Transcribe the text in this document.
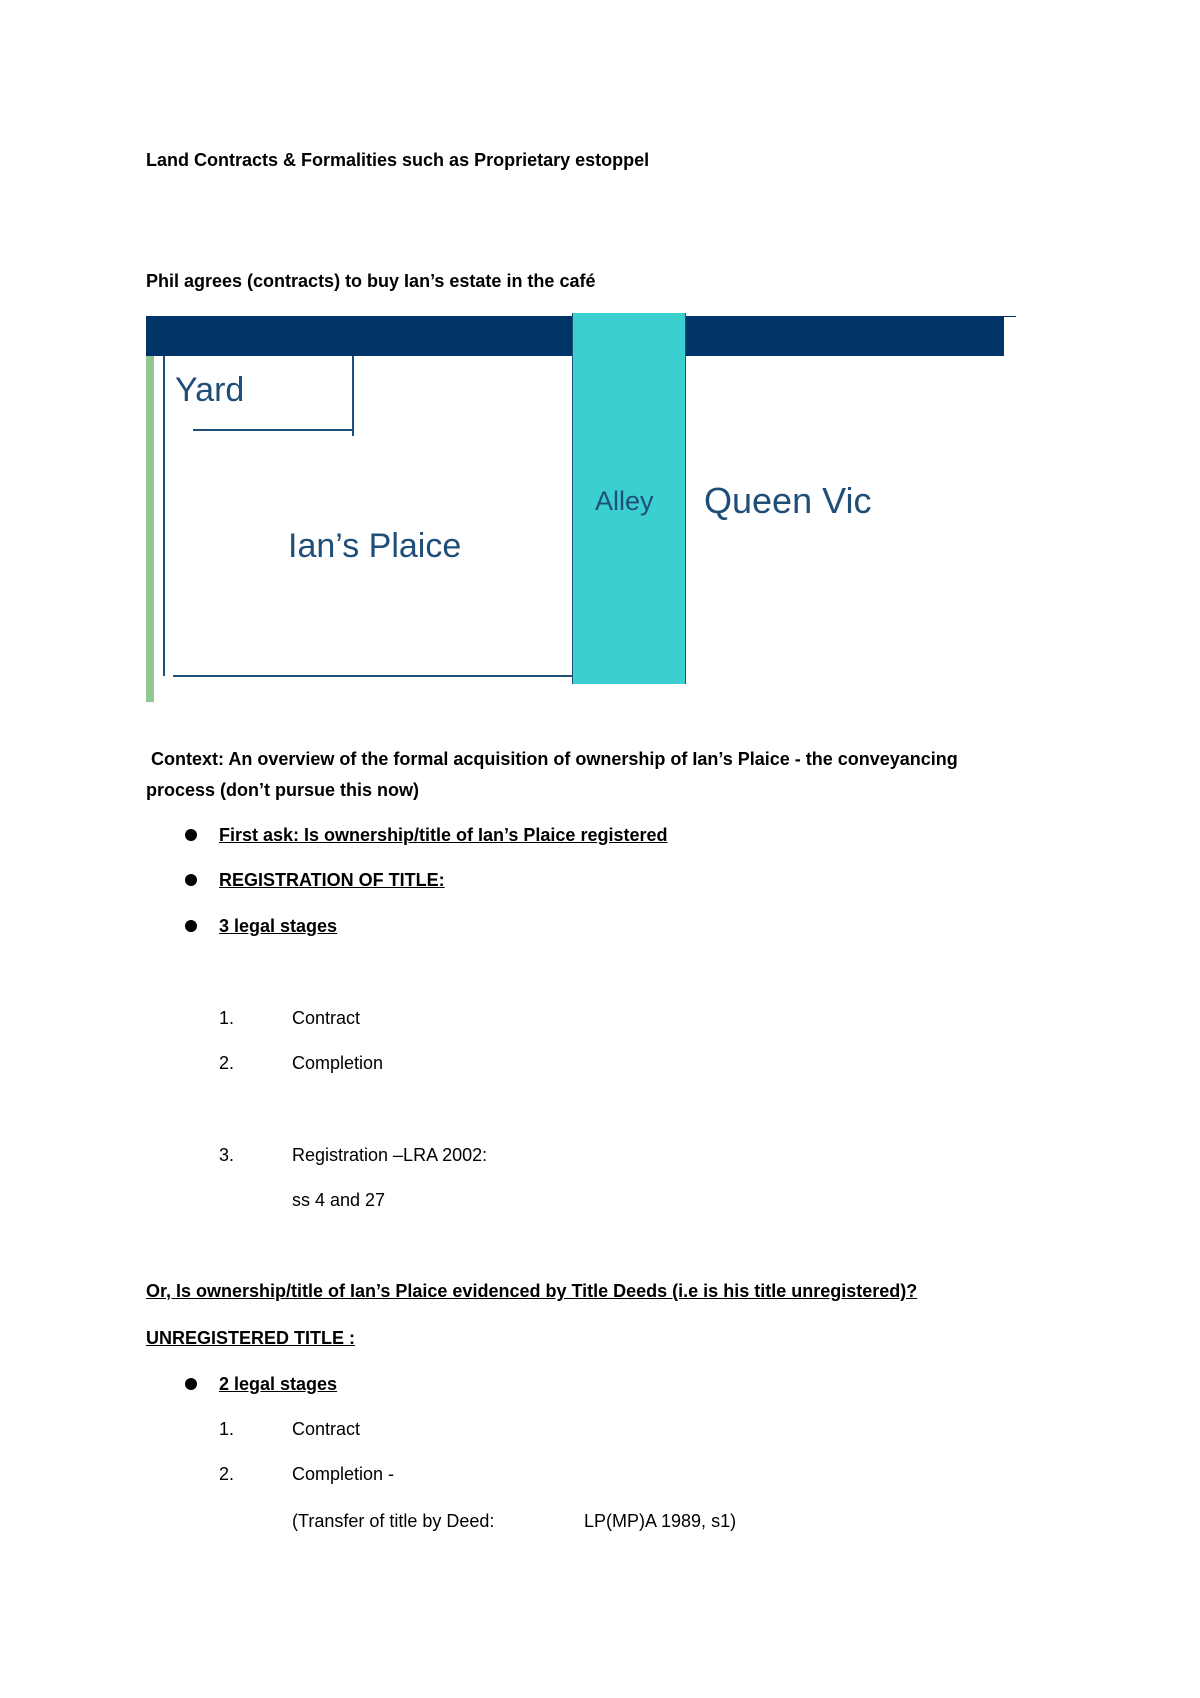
Land Contracts & Formalities such as Proprietary estoppel
Phil agrees (contracts) to buy Ian’s estate in the café
Yard
Ian’s Plaice
Alley Queen Vic
Context: An overview of the formal acquisition of ownership of Ian’s Plaice - the conveyancing
process (don’t pursue this now)
First ask: Is ownership/title of Ian’s Plaice registered
REGISTRATION OF TITLE:
3 legal stages
1.	Contract
2.	Completion
3.	Registration –LRA 2002:
ss 4 and 27
Or, Is ownership/title of Ian’s Plaice evidenced by Title Deeds (i.e is his title unregistered)?
UNREGISTERED TITLE :
2 legal stages
1.	Contract
2.	Completion -
(Transfer of title by Deed:	LP(MP)A 1989, s1)
